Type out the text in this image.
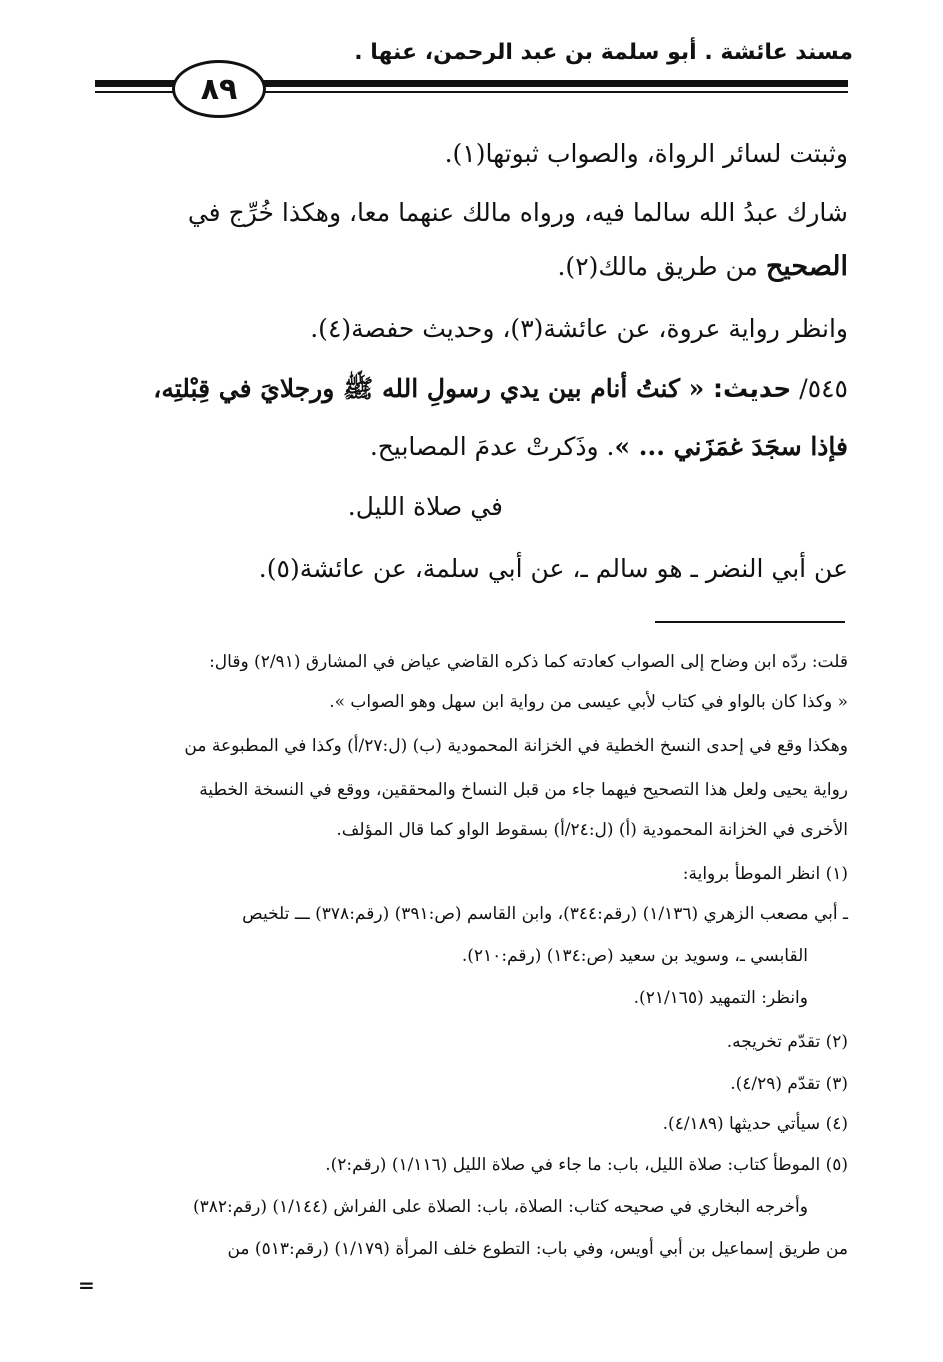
مسند عائشة . أبو سلمة بن عبد الرحمن، عنها .
٨٩
وثبتت لسائر الرواة، والصواب ثبوتها(١).
شارك عبدُ الله سالما فيه، ورواه مالك عنهما معا، وهكذا خُرِّج في
الصحيح من طريق مالك(٢).
وانظر رواية عروة، عن عائشة(٣)، وحديث حفصة(٤).
٥٤٥/ حديث: « كنتُ أنام بين يدي رسولِ الله ﷺ ورجلايَ في قِبْلتِه،
فإذا سجَدَ غمَزَني ... ». وذَكرتْ عدمَ المصابيح.
في صلاة الليل.
عن أبي النضر ـ هو سالم ـ، عن أبي سلمة، عن عائشة(٥).
قلت: ردّه ابن وضاح إلى الصواب كعادته كما ذكره القاضي عياض في المشارق (٢/٩١) وقال:
« وكذا كان بالواو في كتاب لأبي عيسى من رواية ابن سهل وهو الصواب ».
وهكذا وقع في إحدى النسخ الخطية في الخزانة المحمودية (ب) (ل:٢٧/أ) وكذا في المطبوعة من
رواية يحيى ولعل هذا التصحيح فيهما جاء من قبل النساخ والمحققين، ووقع في النسخة الخطية
الأخرى في الخزانة المحمودية (أ) (ل:٢٤/أ) بسقوط الواو كما قال المؤلف.
(١) انظر الموطأ برواية:
ـ أبي مصعب الزهري (١/١٣٦) (رقم:٣٤٤)، وابن القاسم (ص:٣٩١) (رقم:٣٧٨) ـــ تلخيص
القابسي ـ، وسويد بن سعيد (ص:١٣٤) (رقم:٢١٠).
وانظر: التمهيد (٢١/١٦٥).
(٢) تقدّم تخريجه.
(٣) تقدّم (٤/٢٩).
(٤) سيأتي حديثها (٤/١٨٩).
(٥) الموطأ كتاب: صلاة الليل، باب: ما جاء في صلاة الليل (١/١١٦) (رقم:٢).
وأخرجه البخاري في صحيحه كتاب: الصلاة، باب: الصلاة على الفراش (١/١٤٤) (رقم:٣٨٢)
من طريق إسماعيل بن أبي أويس، وفي باب: التطوع خلف المرأة (١/١٧٩) (رقم:٥١٣) من
=
